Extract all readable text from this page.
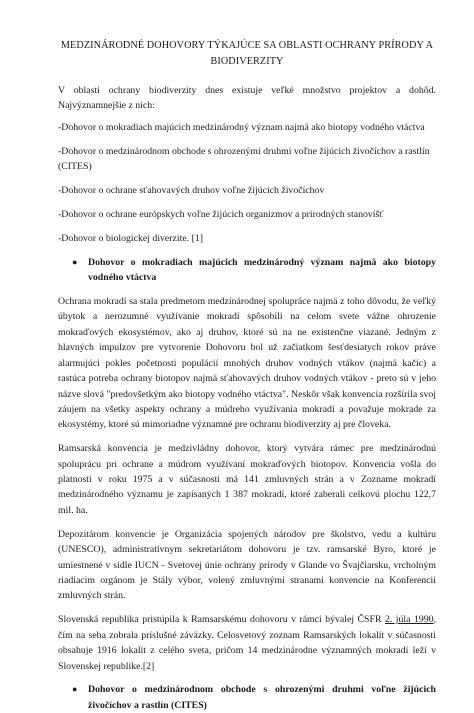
MEDZINÁRODNÉ DOHOVORY TÝKAJÚCE SA OBLASTI OCHRANY PRÍRODY A
BIODIVERZITY

V oblasti ochrany biodiverzity dnes existuje veľké množstvo projektov a dohôd. Najvýznamnejšie z nich:

-Dohovor o mokradiach majúcich medzinárodný význam najmä ako biotopy vodného vtáctva

-Dohovor o medzinárodnom obchode s ohrozenými druhmi voľne žijúcich živočíchov a rastlín (CITES)

-Dohovor o ochrane sťahovavých druhov voľne žijúcich živočíchov

-Dohovor o ochrane európskych voľne žijúcich organizmov a prírodných stanovíšť

-Dohovor o biologickej diverzite. [1]

●	Dohovor o mokradiach majúcich medzinárodný význam najmä ako biotopy vodného vtáctva

Ochrana mokradí sa stala predmetom medzinárodnej spolupráce najmä z toho dôvodu, že veľký úbytok a nerozumné využívanie mokradí spôsobili na celom svete vážne ohrozenie mokraďových ekosystémov, ako aj druhov, ktoré sú na ne existenčne viazané. Jedným z hlavných impulzov pre vytvorenie Dohovoru bol už začiatkom šesťdesiatych rokov práve alarmujúci pokles početnosti populácií mnohých druhov vodných vtákov (najmä kačíc) a rastúca potreba ochrany biotopov najmä sťahovavých druhov vodných vtákov - preto sú v jeho názve slová "predovšetkým ako biotopy vodného vtáctva". Neskôr však konvencia rozšírila svoj záujem na všetky aspekty ochrany a múdreho využívania mokradí a považuje mokrade za ekosystémy, ktoré sú mimoriadne významné pre ochranu biodiverzity aj pre človeka.

Ramsarská konvencia je medzivládny dohovor, ktorý vytvára rámec pre medzinárodnú spoluprácu pri ochrane a múdrom využívaní mokraďových biotopov. Konvencia vošla do platnosti v roku 1975 a v súčasnosti má 141 zmluvných strán a v Zozname mokradí medzinárodného významu je zapísaných 1 387 mokradí, ktoré zaberali celkovú plochu 122,7 mil. ha.

Depozitárom konvencie je Organizácia spojených národov pre školstvo, vedu a kultúru (UNESCO), administratívnym sekretariátom dohovoru je tzv. ramsarské Byro, ktoré je umiestnené v sídle IUCN - Svetovej únie ochrany prírody v Glande vo Švajčiarsku, vrcholným riadiacim orgánom je Stály výbor, volený zmluvnými stranami konvencie na Konferencii zmluvných strán.

Slovenská republika pristúpila k Ramsarskému dohovoru v rámci bývalej ČSFR 2. júla 1990, čím na seba zobrala príslušné záväzky. Celosvetový zoznam Ramsarských lokalít v súčasnosti obsahuje 1916 lokalít z celého sveta, pričom 14 medzinárodne významných mokradí leží v Slovenskej republike.[2]

●	Dohovor o medzinárodnom obchode s ohrozenými druhmi voľne žijúcich živočíchov a rastlín (CITES)
